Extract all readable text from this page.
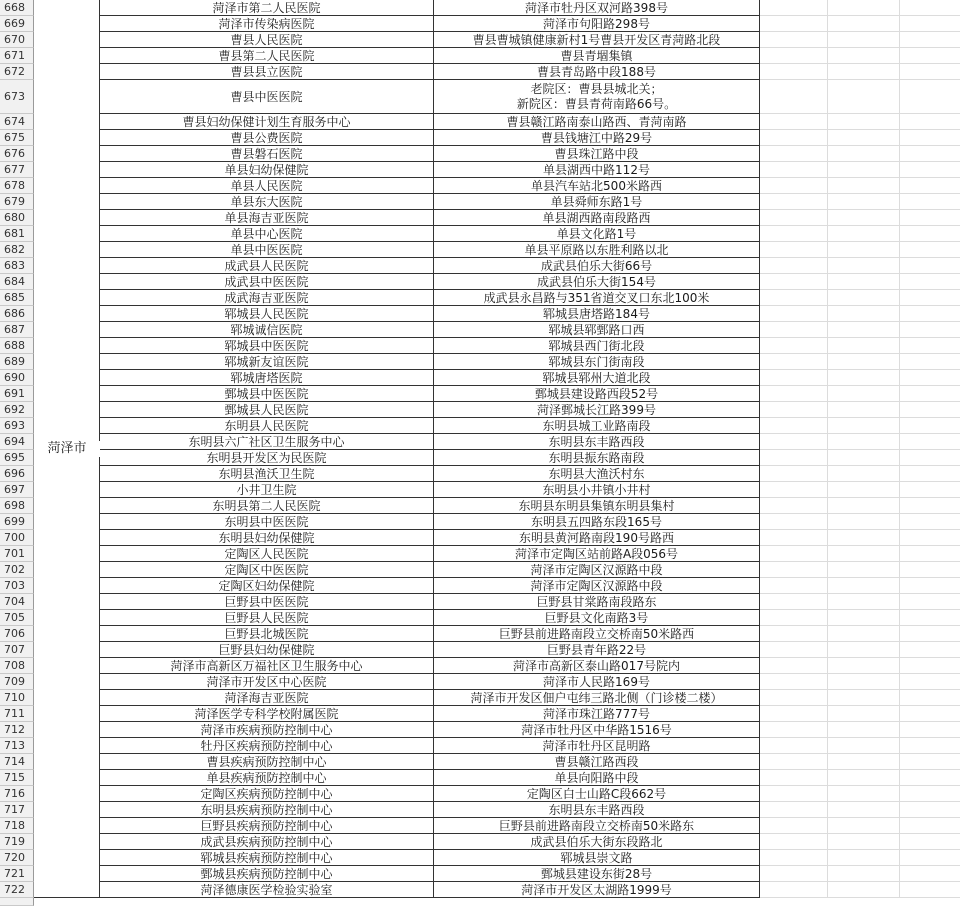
668	菏泽市第二人民医院	菏泽市牡丹区双河路398号
669	菏泽市传染病医院	菏泽市句阳路298号
670	曹县人民医院	曹县曹城镇健康新村1号曹县开发区青菏路北段
671	曹县第二人民医院	曹县青堌集镇
672	曹县县立医院	曹县青岛路中段188号
673	曹县中医医院
老院区：曹县县城北关；
新院区：曹县青荷南路66号。
674	曹县妇幼保健计划生育服务中心	曹县赣江路南泰山路西、青菏南路
675	曹县公费医院	曹县钱塘江中路29号
676	曹县磐石医院	曹县珠江路中段
677	单县妇幼保健院	单县湖西中路112号
678	单县人民医院	单县汽车站北500米路西
679	单县东大医院	单县舜师东路1号
680	单县海吉亚医院	单县湖西路南段路西
681	单县中心医院	单县文化路1号
682	单县中医医院	单县平原路以东胜利路以北
683	成武县人民医院	成武县伯乐大街66号
684	成武县中医医院	成武县伯乐大街154号
685	成武海吉亚医院	成武县永昌路与351省道交叉口东北100米
686	郓城县人民医院	郓城县唐塔路184号
687	郓城诚信医院	郓城县郓鄄路口西
688	郓城县中医医院	郓城县西门街北段
689	郓城新友谊医院	郓城县东门街南段
690	郓城唐塔医院	郓城县郓州大道北段
691	鄄城县中医医院	鄄城县建设路西段52号
692	鄄城县人民医院	菏泽鄄城长江路399号
693	东明县人民医院	东明县城工业路南段
694	东明县六广社区卫生服务中心	东明县东丰路西段
695	东明县开发区为民医院	东明县振东路南段
696	东明县渔沃卫生院	东明县大渔沃村东
697	小井卫生院	东明县小井镇小井村
698	东明县第二人民医院	东明县东明县集镇东明县集村
699	东明县中医医院	东明县五四路东段165号
700	东明县妇幼保健院	东明县黄河路南段190号路西
701	定陶区人民医院	菏泽市定陶区站前路A段056号
702	定陶区中医医院	菏泽市定陶区汉源路中段
703	定陶区妇幼保健院	菏泽市定陶区汉源路中段
704	巨野县中医医院	巨野县甘棠路南段路东
705	巨野县人民医院	巨野县文化南路3号
706	巨野县北城医院	巨野县前进路南段立交桥南50米路西
707	巨野县妇幼保健院	巨野县青年路22号
708	菏泽市高新区万福社区卫生服务中心	菏泽市高新区泰山路017号院内
709	菏泽市开发区中心医院	菏泽市人民路169号
710	菏泽海吉亚医院	菏泽市开发区佃户屯纬三路北侧（门诊楼二楼）
711	菏泽医学专科学校附属医院	菏泽市珠江路777号
712	菏泽市疾病预防控制中心	菏泽市牡丹区中华路1516号
713	牡丹区疾病预防控制中心	菏泽市牡丹区昆明路
714	曹县疾病预防控制中心	曹县赣江路西段
715	单县疾病预防控制中心	单县向阳路中段
716	定陶区疾病预防控制中心	定陶区白士山路C段662号
717	东明县疾病预防控制中心	东明县东丰路西段
718	巨野县疾病预防控制中心	巨野县前进路南段立交桥南50米路东
719	成武县疾病预防控制中心	成武县伯乐大街东段路北
720	郓城县疾病预防控制中心	郓城县崇文路
721	鄄城县疾病预防控制中心	鄄城县建设东街28号
722	菏泽德康医学检验实验室	菏泽市开发区太湖路1999号
菏泽市
